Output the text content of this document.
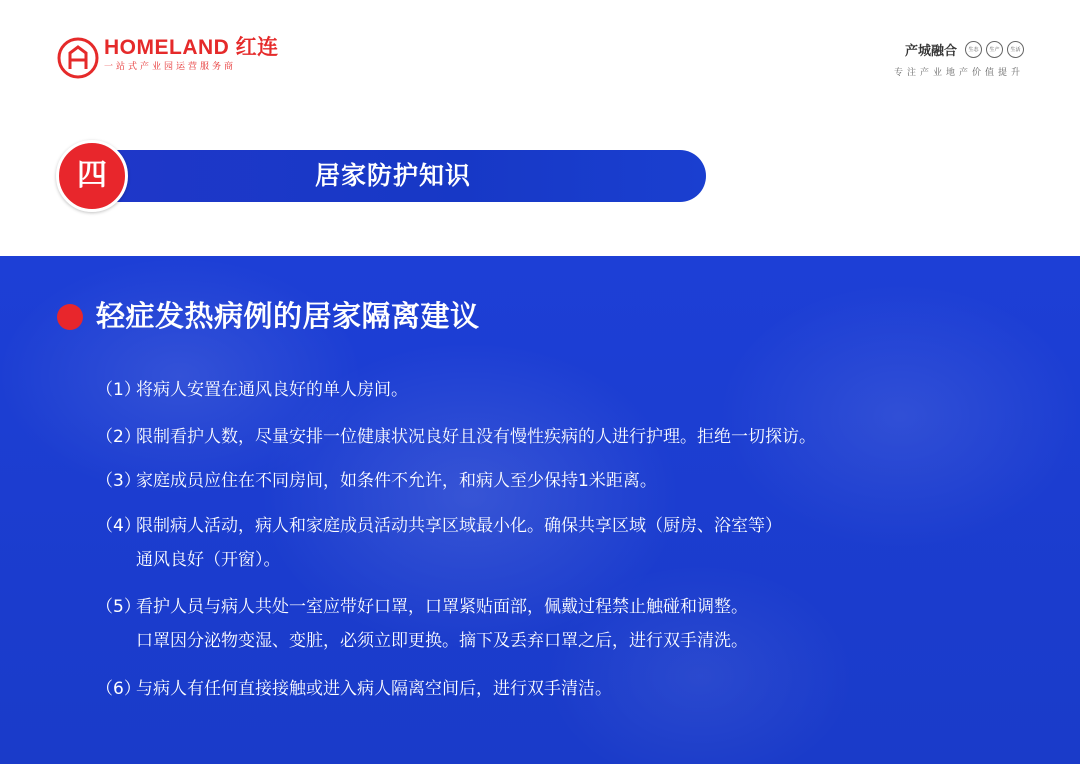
HOMELAND 红连
一站式产业园运营服务商
产城融合	生态	生产	生活
专注产业地产价值提升
居家防护知识
四
轻症发热病例的居家隔离建议
（1）将病人安置在通风良好的单人房间。
（2）限制看护人数，尽量安排一位健康状况良好且没有慢性疾病的人进行护理。拒绝一切探访。
（3）家庭成员应住在不同房间，如条件不允许，和病人至少保持1米距离。
（4）限制病人活动，病人和家庭成员活动共享区域最小化。确保共享区域（厨房、浴室等）
通风良好（开窗）。
（5）看护人员与病人共处一室应带好口罩，口罩紧贴面部，佩戴过程禁止触碰和调整。
口罩因分泌物变湿、变脏，必须立即更换。摘下及丢弃口罩之后，进行双手清洗。
（6）与病人有任何直接接触或进入病人隔离空间后，进行双手清洁。
